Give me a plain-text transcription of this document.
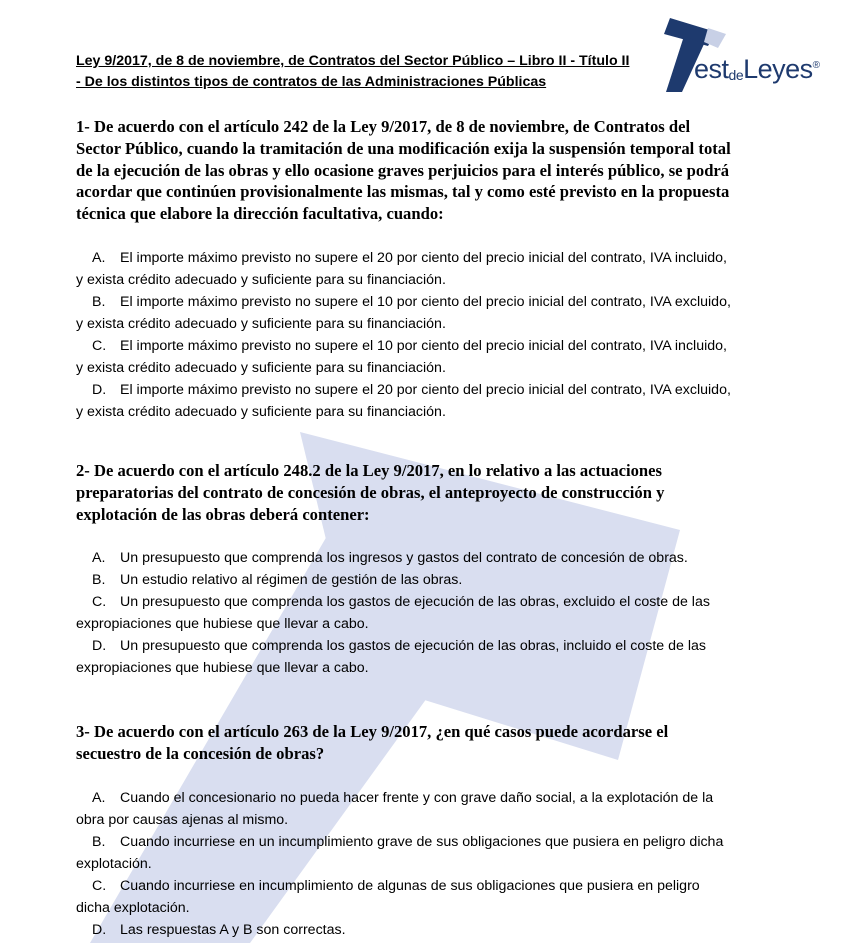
estdeLeyes®
Ley 9/2017, de 8 de noviembre, de Contratos del Sector Público – Libro II - Título II
- De los distintos tipos de contratos de las Administraciones Públicas

1- De acuerdo con el artículo 242 de la Ley 9/2017, de 8 de noviembre, de Contratos del Sector Público, cuando la tramitación de una modificación exija la suspensión temporal total de la ejecución de las obras y ello ocasione graves perjuicios para el interés público, se podrá acordar que continúen provisionalmente las mismas, tal y como esté previsto en la propuesta técnica que elabore la dirección facultativa, cuando:

A. El importe máximo previsto no supere el 20 por ciento del precio inicial del contrato, IVA incluido, y exista crédito adecuado y suficiente para su financiación.

B. El importe máximo previsto no supere el 10 por ciento del precio inicial del contrato, IVA excluido, y exista crédito adecuado y suficiente para su financiación.

C. El importe máximo previsto no supere el 10 por ciento del precio inicial del contrato, IVA incluido, y exista crédito adecuado y suficiente para su financiación.

D. El importe máximo previsto no supere el 20 por ciento del precio inicial del contrato, IVA excluido, y exista crédito adecuado y suficiente para su financiación.

2- De acuerdo con el artículo 248.2 de la Ley 9/2017, en lo relativo a las actuaciones preparatorias del contrato de concesión de obras, el anteproyecto de construcción y explotación de las obras deberá contener:

A. Un presupuesto que comprenda los ingresos y gastos del contrato de concesión de obras.

B. Un estudio relativo al régimen de gestión de las obras.

C. Un presupuesto que comprenda los gastos de ejecución de las obras, excluido el coste de las expropiaciones que hubiese que llevar a cabo.

D. Un presupuesto que comprenda los gastos de ejecución de las obras, incluido el coste de las expropiaciones que hubiese que llevar a cabo.

3- De acuerdo con el artículo 263 de la Ley 9/2017, ¿en qué casos puede acordarse el secuestro de la concesión de obras?

A. Cuando el concesionario no pueda hacer frente y con grave daño social, a la explotación de la obra por causas ajenas al mismo.

B. Cuando incurriese en un incumplimiento grave de sus obligaciones que pusiera en peligro dicha explotación.

C. Cuando incurriese en incumplimiento de algunas de sus obligaciones que pusiera en peligro dicha explotación.

D. Las respuestas A y B son correctas.
